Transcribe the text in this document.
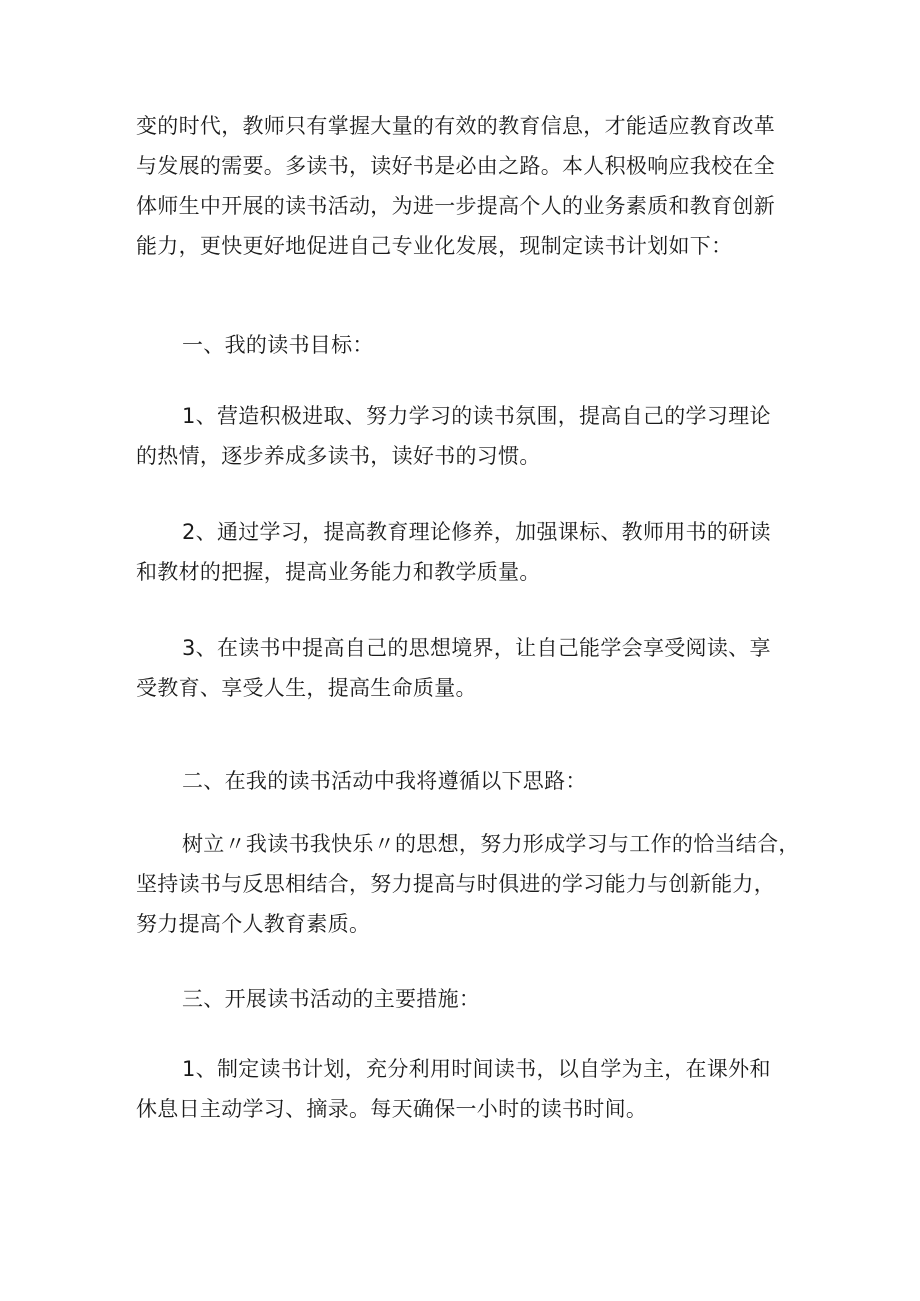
变的时代，教师只有掌握大量的有效的教育信息，才能适应教育改革
与发展的需要。多读书，读好书是必由之路。本人积极响应我校在全
体师生中开展的读书活动，为进一步提高个人的业务素质和教育创新
能力，更快更好地促进自己专业化发展，现制定读书计划如下：
一、我的读书目标：
1、营造积极进取、努力学习的读书氛围，提高自己的学习理论
的热情，逐步养成多读书，读好书的习惯。
2、通过学习，提高教育理论修养，加强课标、教师用书的研读
和教材的把握，提高业务能力和教学质量。
3、在读书中提高自己的思想境界，让自己能学会享受阅读、享
受教育、享受人生，提高生命质量。
二、在我的读书活动中我将遵循以下思路：
树立〃我读书我快乐〃的思想，努力形成学习与工作的恰当结合，
坚持读书与反思相结合，努力提高与时俱进的学习能力与创新能力，
努力提高个人教育素质。
三、开展读书活动的主要措施：
1、制定读书计划，充分利用时间读书，以自学为主，在课外和
休息日主动学习、摘录。每天确保一小时的读书时间。
